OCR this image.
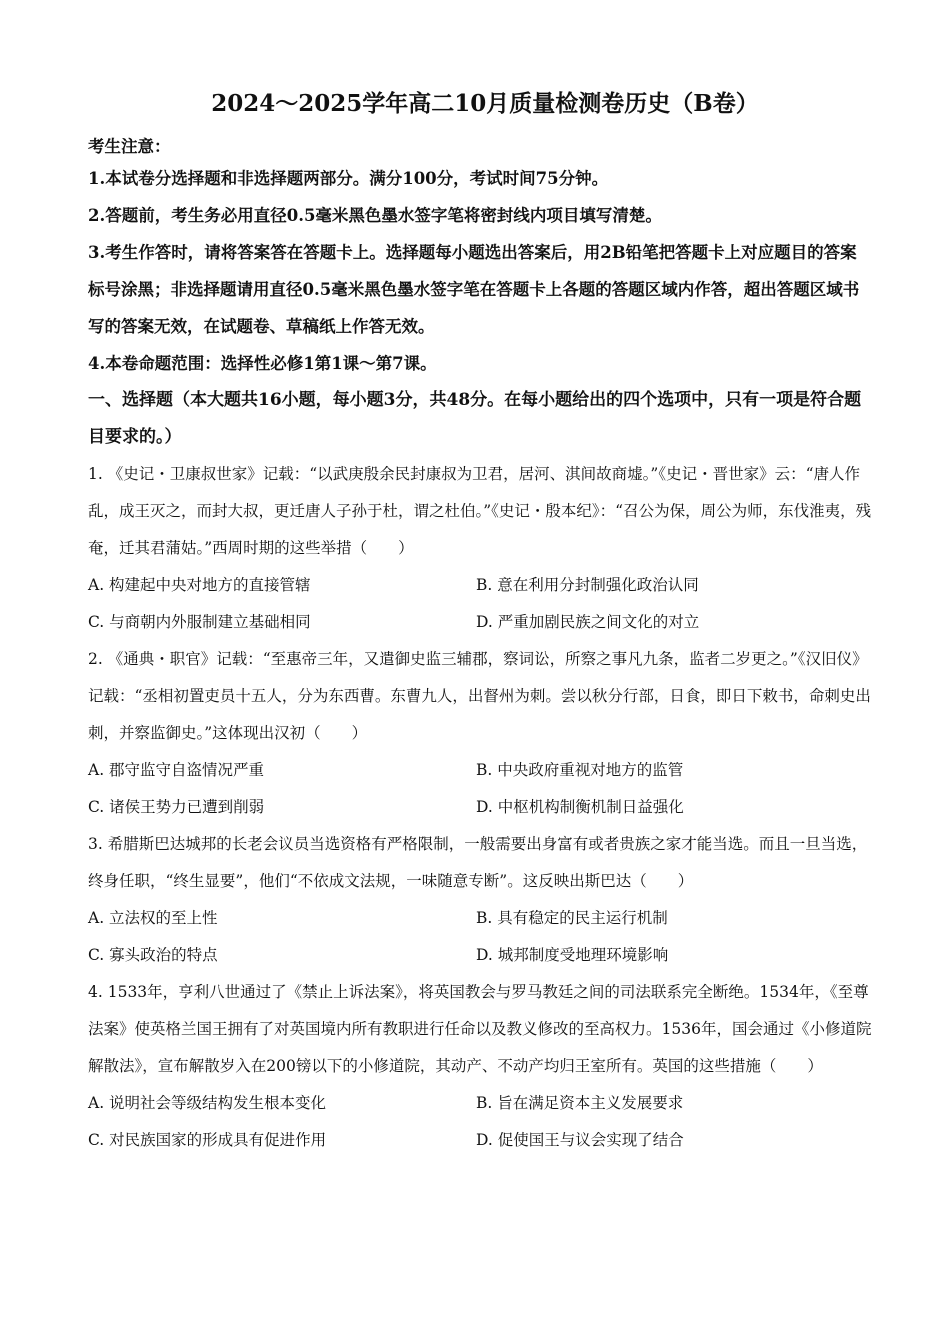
2024～2025学年高二10月质量检测卷历史（B卷）
考生注意：

1.本试卷分选择题和非选择题两部分。满分100分，考试时间75分钟。

2.答题前，考生务必用直径0.5毫米黑色墨水签字笔将密封线内项目填写清楚。

3.考生作答时，请将答案答在答题卡上。选择题每小题选出答案后，用2B铅笔把答题卡上对应题目的答案标号涂黑；非选择题请用直径0.5毫米黑色墨水签字笔在答题卡上各题的答题区域内作答，超出答题区域书写的答案无效，在试题卷、草稿纸上作答无效。

4.本卷命题范围：选择性必修1第1课～第7课。

一、选择题（本大题共16小题，每小题3分，共48分。在每小题给出的四个选项中，只有一项是符合题目要求的。）

1. 《史记・卫康叔世家》记载：“以武庚殷余民封康叔为卫君，居河、淇间故商墟。”《史记・晋世家》云：“唐人作乱，成王灭之，而封大叔，更迁唐人子孙于杜，谓之杜伯。”《史记・殷本纪》：“召公为保，周公为师，东伐淮夷，残奄，迁其君蒲姑。”西周时期的这些举措（　　）

A. 构建起中央对地方的直接管辖	B. 意在利用分封制强化政治认同
C. 与商朝内外服制建立基础相同	D. 严重加剧民族之间文化的对立

2. 《通典・职官》记载：“至惠帝三年，又遣御史监三辅郡，察词讼，所察之事凡九条，监者二岁更之。”《汉旧仪》记载：“丞相初置吏员十五人，分为东西曹。东曹九人，出督州为刺。尝以秋分行部，日食，即日下敕书，命刺史出刺，并察监御史。”这体现出汉初（　　）

A. 郡守监守自盗情况严重	B. 中央政府重视对地方的监管
C. 诸侯王势力已遭到削弱	D. 中枢机构制衡机制日益强化

3. 希腊斯巴达城邦的长老会议员当选资格有严格限制，一般需要出身富有或者贵族之家才能当选。而且一旦当选，终身任职，“终生显要”，他们“不依成文法规，一味随意专断”。这反映出斯巴达（　　）

A. 立法权的至上性	B. 具有稳定的民主运行机制
C. 寡头政治的特点	D. 城邦制度受地理环境影响

4. 1533年，亨利八世通过了《禁止上诉法案》，将英国教会与罗马教廷之间的司法联系完全断绝。1534年，《至尊法案》使英格兰国王拥有了对英国境内所有教职进行任命以及教义修改的至高权力。1536年，国会通过《小修道院解散法》，宣布解散岁入在200镑以下的小修道院，其动产、不动产均归王室所有。英国的这些措施（　　）

A. 说明社会等级结构发生根本变化	B. 旨在满足资本主义发展要求
C. 对民族国家的形成具有促进作用	D. 促使国王与议会实现了结合
